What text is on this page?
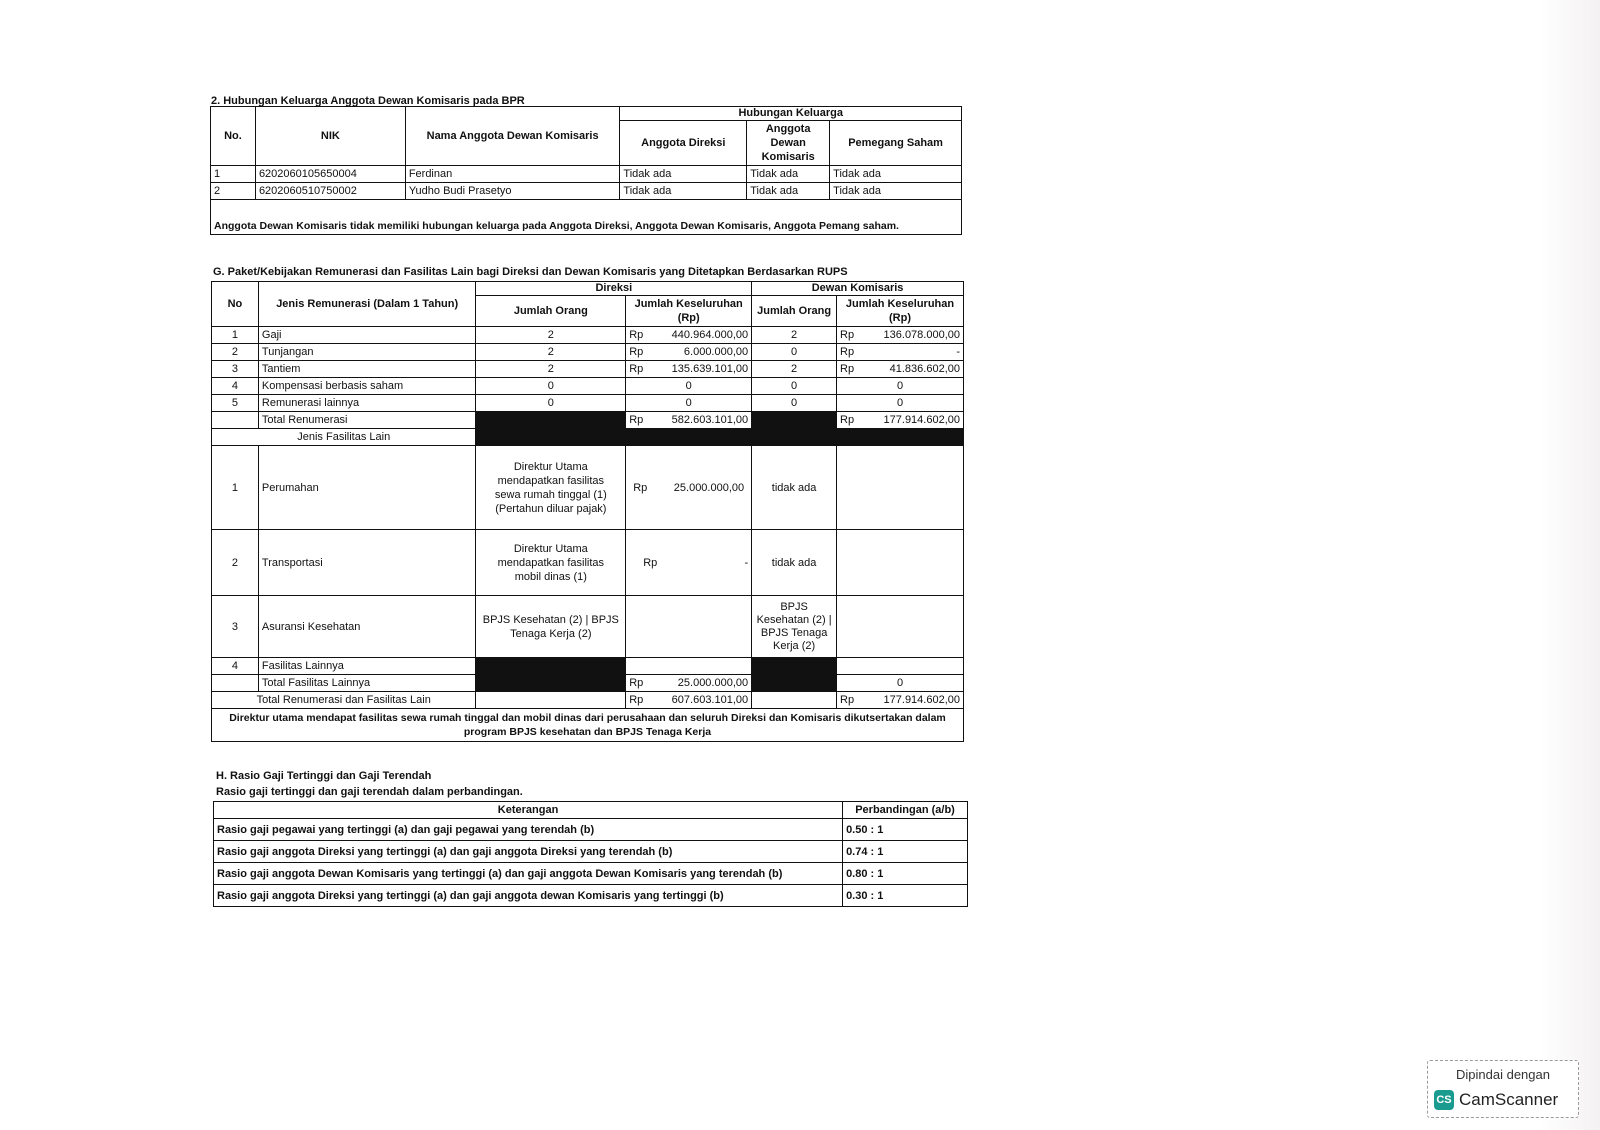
2. Hubungan Keluarga Anggota Dewan Komisaris pada BPR
No.	NIK	Nama Anggota Dewan Komisaris	Hubungan Keluarga		
			Anggota Direksi	Anggota Dewan Komisaris	Pemegang Saham
1	6202060105650004	Ferdinan	Tidak ada	Tidak ada	Tidak ada
2	6202060510750002	Yudho Budi Prasetyo	Tidak ada	Tidak ada	Tidak ada
Anggota Dewan Komisaris tidak memiliki hubungan keluarga pada Anggota Direksi, Anggota Dewan Komisaris, Anggota Pemang saham.					
G. Paket/Kebijakan Remunerasi dan Fasilitas Lain bagi Direksi dan Dewan Komisaris yang Ditetapkan Berdasarkan RUPS
No	Jenis Remunerasi (Dalam 1 Tahun)	Direksi		Dewan Komisaris	
		Jumlah Orang	Jumlah Keseluruhan (Rp)	Jumlah Orang	Jumlah Keseluruhan (Rp)
1	Gaji	2	Rp 440.964.000,00	2	Rp 136.078.000,00

2	Tunjangan	2	Rp 6.000.000,00	0	Rp -

3	Tantiem	2	Rp 135.639.101,00	2	Rp 41.836.602,00

4	Kompensasi berbasis saham	0	0	0	0
5	Remunerasi lainnya	0	0	0	0
	Total Renumerasi		Rp 582.603.101,00		Rp 177.914.602,00

Jenis Fasilitas Lain					
1	Perumahan	Direktur Utama mendapatkan fasilitas sewa rumah tinggal (1) (Pertahun diluar pajak)	Rp 25.000.000,00	tidak ada	
2	Transportasi	Direktur Utama mendapatkan fasilitas mobil dinas (1)	Rp -	tidak ada	
3	Asuransi Kesehatan	BPJS Kesehatan (2) | BPJS Tenaga Kerja (2)		BPJS Kesehatan (2) | BPJS Tenaga Kerja (2)	
4	Fasilitas Lainnya				
	Total Fasilitas Lainnya		Rp 25.000.000,00		0
Total Renumerasi dan Fasilitas Lain			Rp 607.603.101,00		Rp 177.914.602,00

Direktur utama mendapat fasilitas sewa rumah tinggal dan mobil dinas dari perusahaan dan seluruh Direksi dan Komisaris dikutsertakan dalam program BPJS kesehatan dan BPJS Tenaga Kerja					
H. Rasio Gaji Tertinggi dan Gaji Terendah
Rasio gaji tertinggi dan gaji terendah dalam perbandingan.
Keterangan	Perbandingan (a/b)
Rasio gaji pegawai yang tertinggi (a) dan gaji pegawai yang terendah (b)	0.50 : 1
Rasio gaji anggota Direksi yang tertinggi (a) dan gaji anggota Direksi yang terendah (b)	0.74 : 1
Rasio gaji anggota Dewan Komisaris yang tertinggi (a) dan gaji anggota Dewan Komisaris yang terendah (b)	0.80 : 1
Rasio gaji anggota Direksi yang tertinggi (a) dan gaji anggota dewan Komisaris yang tertinggi (b)	0.30 : 1
Dipindai dengan
CS CamScanner
